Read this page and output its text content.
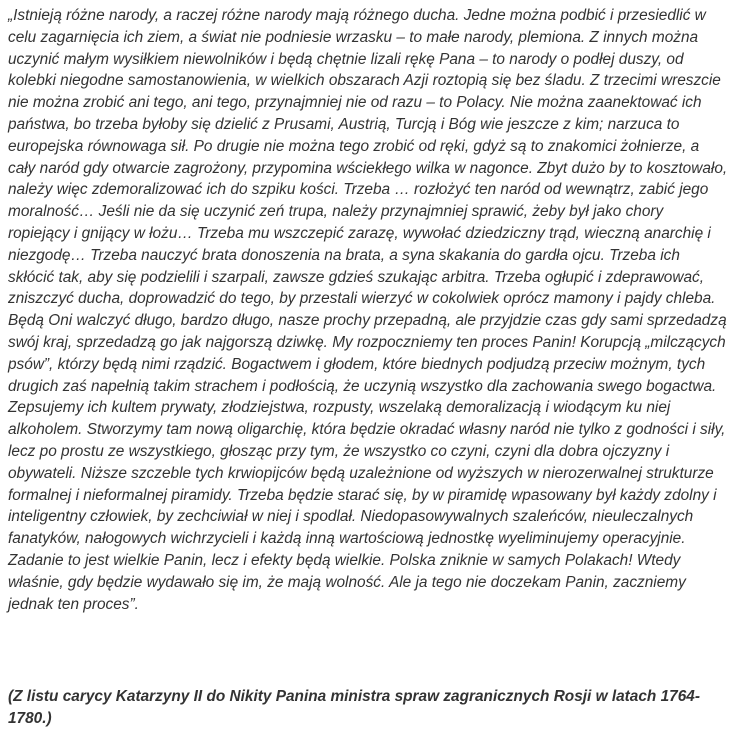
„Istnieją różne narody, a raczej różne narody mają różnego ducha. Jedne można podbić i przesiedlić w celu zagarnięcia ich ziem, a świat nie podniesie wrzasku – to małe narody, plemiona. Z innych można uczynić małym wysiłkiem niewolników i będą chętnie lizali rękę Pana – to narody o podłej duszy, od kolebki niegodne samostanowienia, w wielkich obszarach Azji roztopią się bez śladu. Z trzecimi wreszcie nie można zrobić ani tego, ani tego, przynajmniej nie od razu – to Polacy. Nie można zaanektować ich państwa, bo trzeba byłoby się dzielić z Prusami, Austrią, Turcją i Bóg wie jeszcze z kim; narzuca to europejska równowaga sił. Po drugie nie można tego zrobić od ręki, gdyż są to znakomici żołnierze, a cały naród gdy otwarcie zagrożony, przypomina wściekłego wilka w nagonce. Zbyt dużo by to kosztowało, należy więc zdemoralizować ich do szpiku kości. Trzeba … rozłożyć ten naród od wewnątrz, zabić jego moralność… Jeśli nie da się uczynić zeń trupa, należy przynajmniej sprawić, żeby był jako chory ropiejący i gnijący w łożu… Trzeba mu wszczepić zarazę, wywołać dziedziczny trąd, wieczną anarchię i niezgodę… Trzeba nauczyć brata donoszenia na brata, a syna skakania do gardła ojcu. Trzeba ich skłócić tak, aby się podzielili i szarpali, zawsze gdzieś szukając arbitra. Trzeba ogłupić i zdeprawować, zniszczyć ducha, doprowadzić do tego, by przestali wierzyć w cokolwiek oprócz mamony i pajdy chleba. Będą Oni walczyć długo, bardzo długo, nasze prochy przepadną, ale przyjdzie czas gdy sami sprzedadzą swój kraj, sprzedadzą go jak najgorszą dziwkę. My rozpoczniemy ten proces Panin! Korupcją „milczących psów”, którzy będą nimi rządzić. Bogactwem i głodem, które biednych podjudzą przeciw możnym, tych drugich zaś napełnią takim strachem i podłością, że uczynią wszystko dla zachowania swego bogactwa. Zepsujemy ich kultem prywaty, złodziejstwa, rozpusty, wszelaką demoralizacją i wiodącym ku niej alkoholem. Stworzymy tam nową oligarchię, która będzie okradać własny naród nie tylko z godności i siły, lecz po prostu ze wszystkiego, głosząc przy tym, że wszystko co czyni, czyni dla dobra ojczyzny i obywateli. Niższe szczeble tych krwiopijców będą uzależnione od wyższych w nierozerwalnej strukturze formalnej i nieformalnej piramidy. Trzeba będzie starać się, by w piramidę wpasowany był każdy zdolny i inteligentny człowiek, by zechciwiał w niej i spodlał. Niedopasowywalnych szaleńców, nieuleczalnych fanatyków, nałogowych wichrzycieli i każdą inną wartościową jednostkę wyeliminujemy operacyjnie. Zadanie to jest wielkie Panin, lecz i efekty będą wielkie. Polska zniknie w samych Polakach! Wtedy właśnie, gdy będzie wydawało się im, że mają wolność. Ale ja tego nie doczekam Panin, zaczniemy jednak ten proces”.

(Z listu carycy Katarzyny II do Nikity Panina ministra spraw zagranicznych Rosji w latach 1764-1780.)
